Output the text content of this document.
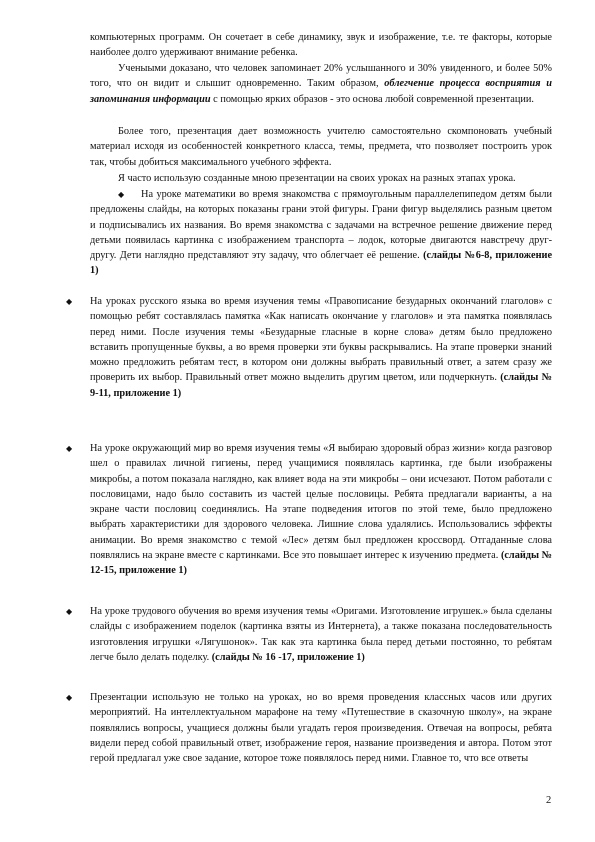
компьютерных программ. Он сочетает в себе динамику, звук и изображение, т.е. те факторы, которые наиболее долго удерживают внимание ребенка.

Ученыыми доказано, что человек запоминает 20% услышанного и 30% увиденного, и более 50% того, что он видит и слышит одновременно. Таким образом, облегчение процесса восприятия и запоминания информации с помощью ярких образов - это основа любой современной презентации.

Более того, презентация дает возможность учителю самостоятельно скомпоновать учебный материал исходя из особенностей конкретного класса, темы, предмета, что позволяет построить урок так, чтобы добиться максимального учебного эффекта.

Я часто использую созданные мною презентации на своих уроках на разных этапах урока.

◆ На уроке математики во время знакомства с прямоугольным параллелепипедом детям были предложены слайды, на которых показаны грани этой фигуры. Грани фигур выделялись разным цветом и подписывались их названия. Во время знакомства с задачами на встречное решение движение перед детьми появилась картинка с изображением транспорта – лодок, которые двигаются навстречу друг-другу. Дети наглядно представляют эту задачу, что облегчает её решение. (слайды №6-8, приложение 1)

◆ На уроках русского языка во время изучения темы «Правописание безударных окончаний глаголов» с помощью ребят составлялась памятка «Как написать окончание у глаголов» и эта памятка появлялась перед ними. После изучения темы «Безударные гласные в корне слова» детям было предложено вставить пропущенные буквы, а во время проверки эти буквы раскрывались. На этапе проверки знаний можно предложить ребятам тест, в котором они должны выбрать правильный ответ, а затем сразу же проверить их выбор. Правильный ответ можно выделить другим цветом, или подчеркнуть. (слайды № 9-11, приложение 1)

◆ На уроке окружающий мир во время изучения темы «Я выбираю здоровый образ жизни» когда разговор шел о правилах личной гигиены, перед учащимися появлялась картинка, где были изображены микробы, а потом показала наглядно, как влияет вода на эти микробы – они исчезают. Потом работали с пословицами, надо было составить из частей целые пословицы. Ребята предлагали варианты, а на экране части пословиц соединялись. На этапе подведения итогов по этой теме, было предложено выбрать характеристики для здорового человека. Лишние слова удалялись. Использовались эффекты анимации. Во время знакомство с темой «Лес» детям был предложен кроссворд. Отгаданные слова появлялись на экране вместе с картинками. Все это повышает интерес к изучению предмета. (слайды № 12-15, приложение 1)

◆ На уроке трудового обучения во время изучения темы «Оригами. Изготовление игрушек.» была сделаны слайды с изображением поделок (картинка взяты из Интернета), а также показана последовательность изготовления игрушки «Лягушонок». Так как эта картинка была перед детьми постоянно, то ребятам легче было делать поделку. (слайды № 16 -17, приложение 1)

◆ Презентации использую не только на уроках, но во время проведения классных часов или других мероприятий. На интеллектуальном марафоне на тему «Путешествие в сказочную школу», на экране появлялись вопросы, учащиеся должны были угадать героя произведения. Отвечая на вопросы, ребята видели перед собой правильный ответ, изображение героя, название произведения и автора. Потом этот герой предлагал уже свое задание, которое тоже появлялось перед ними. Главное то, что все ответы

2
